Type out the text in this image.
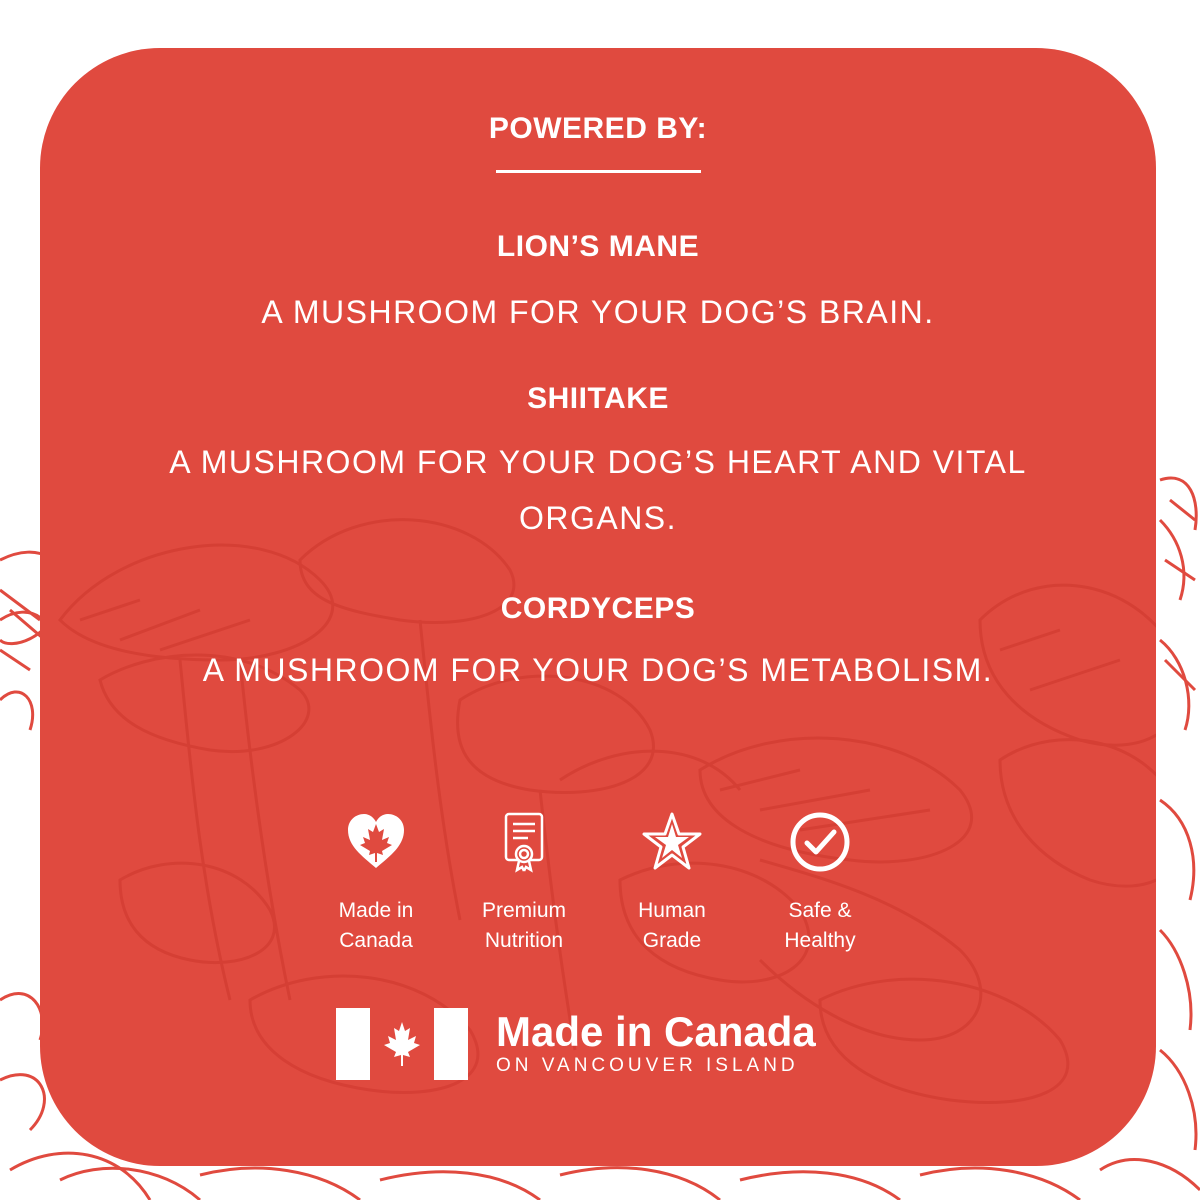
POWERED BY:
LION’S MANE
A MUSHROOM FOR YOUR DOG’S BRAIN.
SHIITAKE
A MUSHROOM FOR YOUR DOG’S HEART AND VITAL ORGANS.
CORDYCEPS
A MUSHROOM FOR YOUR DOG’S METABOLISM.
Made in
Canada
Premium
Nutrition
Human
Grade
Safe &
Healthy
Made in Canada
ON VANCOUVER ISLAND
